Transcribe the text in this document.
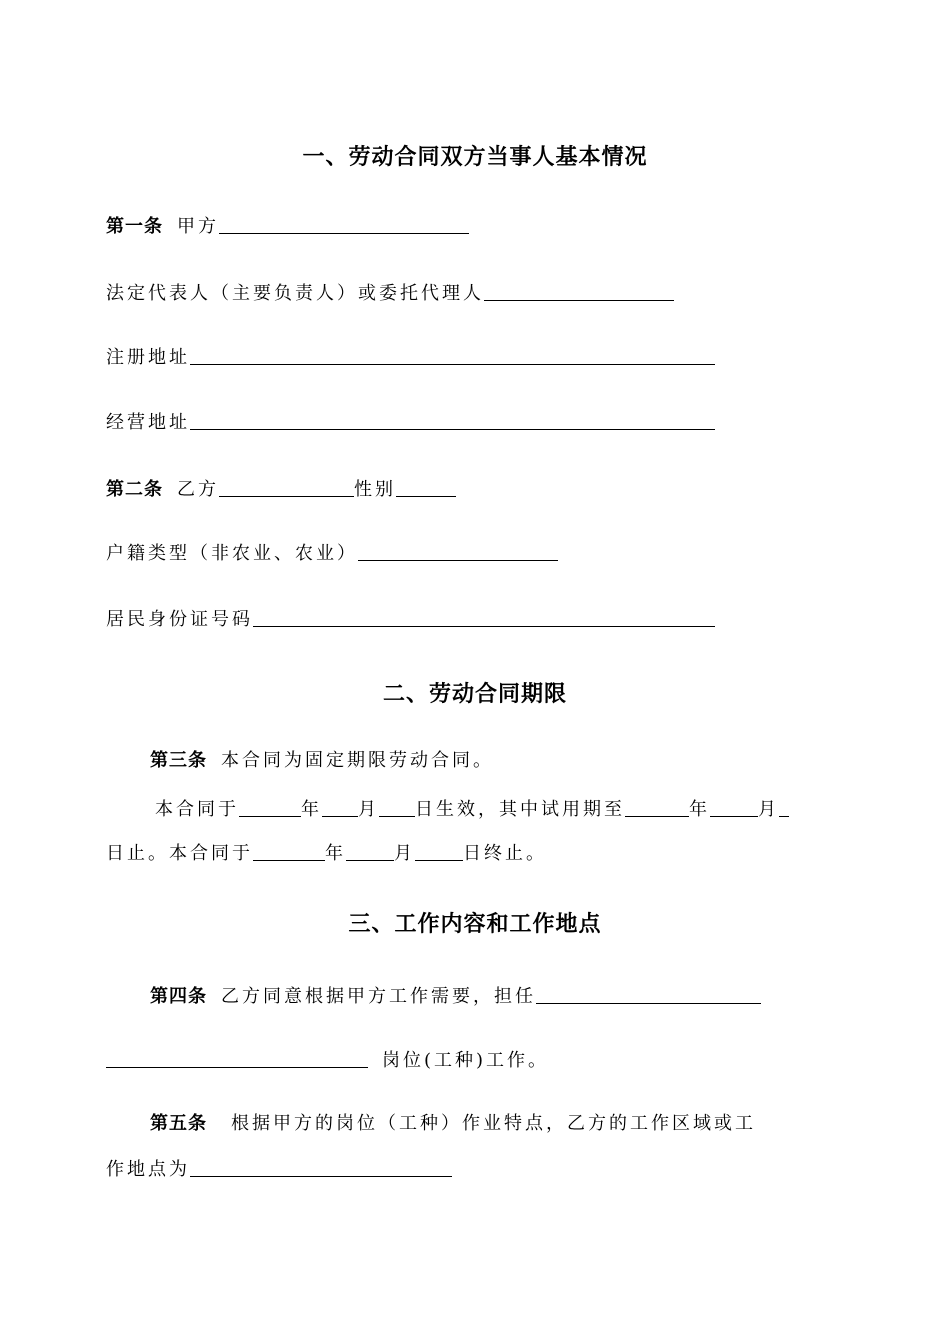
一、劳动合同双方当事人基本情况
第一条 甲方
法定代表人（主要负责人）或委托代理人
注册地址
经营地址
第二条 乙方	性别
户籍类型（非农业、农业）
居民身份证号码
二、劳动合同期限
第三条 本合同为固定期限劳动合同。
本合同于	年 月 日生效，其中试用期至	年	月
日止。本合同于	年	月	日终止。
三、工作内容和工作地点
第四条 乙方同意根据甲方工作需要，担任
岗位(工种)工作。
第五条 根据甲方的岗位（工种）作业特点，乙方的工作区域或工
作地点为
